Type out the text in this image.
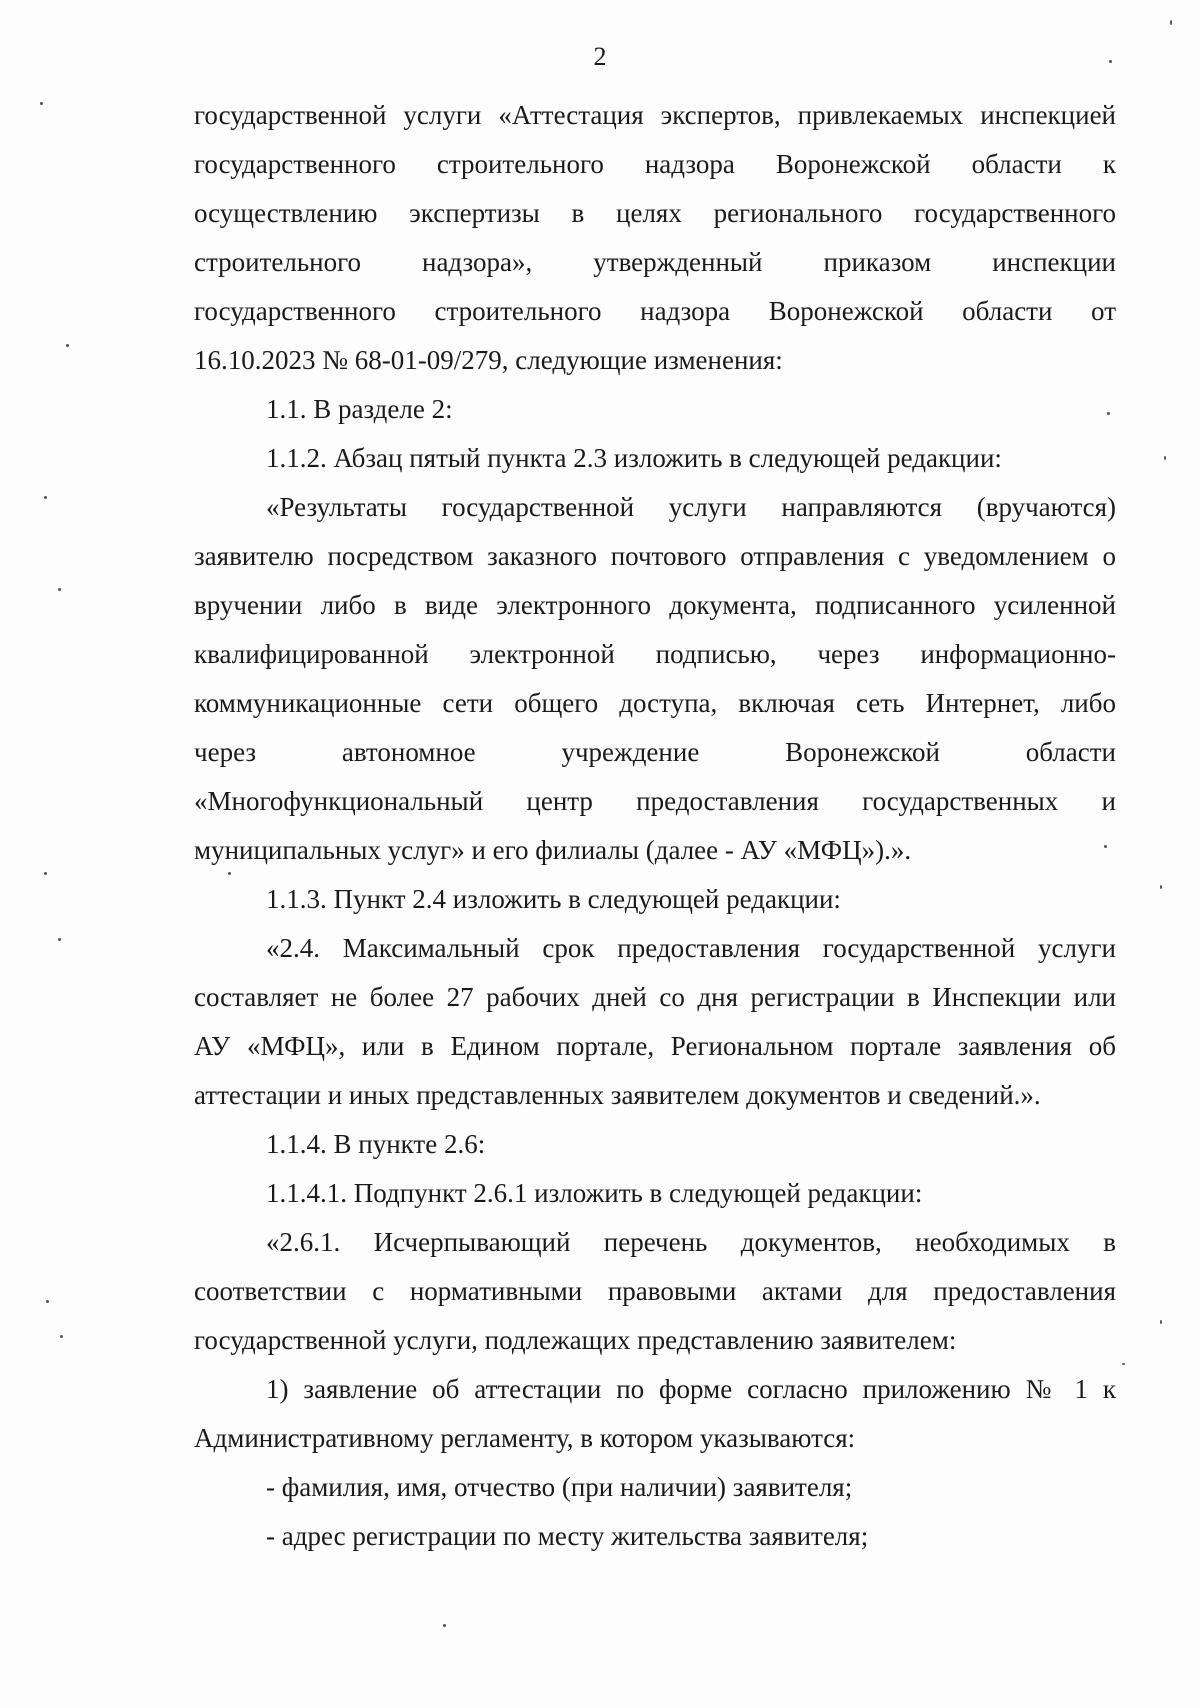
2
государственной услуги «Аттестация экспертов, привлекаемых инспекцией
государственного строительного надзора Воронежской области к
осуществлению экспертизы в целях регионального государственного
строительного надзора», утвержденный приказом инспекции
государственного строительного надзора Воронежской области от
16.10.2023 № 68-01-09/279, следующие изменения:
1.1. В разделе 2:
1.1.2. Абзац пятый пункта 2.3 изложить в следующей редакции:
«Результаты государственной услуги направляются (вручаются)
заявителю посредством заказного почтового отправления с уведомлением о
вручении либо в виде электронного документа, подписанного усиленной
квалифицированной электронной подписью, через информационно-
коммуникационные сети общего доступа, включая сеть Интернет, либо
через автономное учреждение Воронежской области
«Многофункциональный центр предоставления государственных и
муниципальных услуг» и его филиалы (далее - АУ «МФЦ»).».
1.1.3. Пункт 2.4 изложить в следующей редакции:
«2.4. Максимальный срок предоставления государственной услуги
составляет не более 27 рабочих дней со дня регистрации в Инспекции или
АУ «МФЦ», или в Едином портале, Региональном портале заявления об
аттестации и иных представленных заявителем документов и сведений.».
1.1.4. В пункте 2.6:
1.1.4.1. Подпункт 2.6.1 изложить в следующей редакции:
«2.6.1. Исчерпывающий перечень документов, необходимых в
соответствии с нормативными правовыми актами для предоставления
государственной услуги, подлежащих представлению заявителем:
1) заявление об аттестации по форме согласно приложению № 1 к
Административному регламенту, в котором указываются:
- фамилия, имя, отчество (при наличии) заявителя;
- адрес регистрации по месту жительства заявителя;
